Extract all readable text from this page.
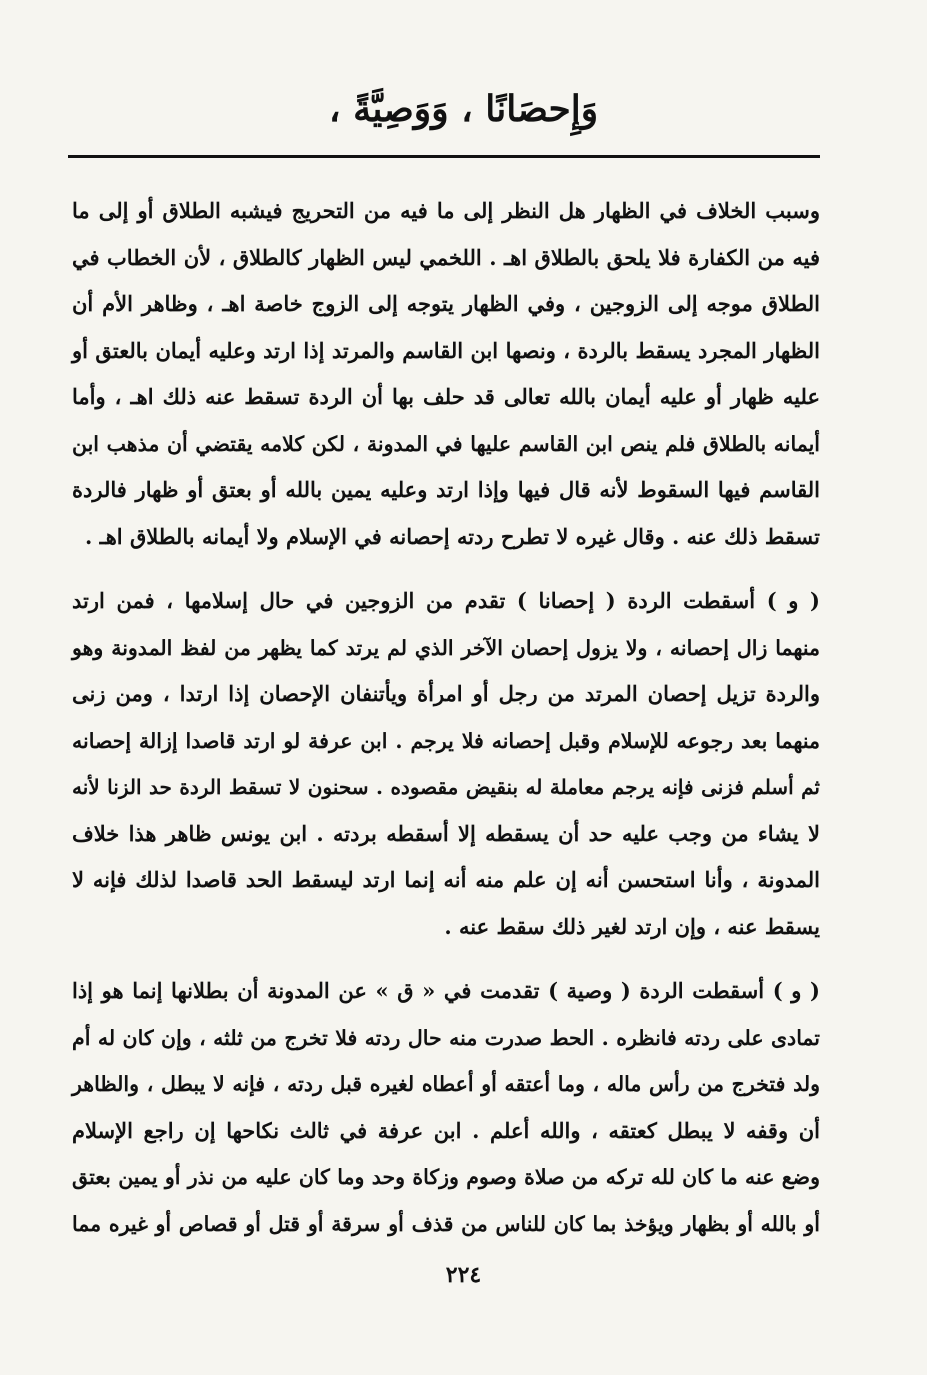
وَإِحصَانًا ، وَوَصِيَّةً ،

وسبب الخلاف في الظهار هل النظر إلى ما فيه من التحريج فيشبه الطلاق أو إلى ما
فيه من الكفارة فلا يلحق بالطلاق اهـ . اللخمي ليس الظهار كالطلاق ، لأن الخطاب في
الطلاق موجه إلى الزوجين ، وفي الظهار يتوجه إلى الزوج خاصة اهـ ، وظاهر الأم أن
الظهار المجرد يسقط بالردة ، ونصها ابن القاسم والمرتد إذا ارتد وعليه أيمان بالعتق أو
عليه ظهار أو عليه أيمان بالله تعالى قد حلف بها أن الردة تسقط عنه ذلك اهـ ، وأما
أيمانه بالطلاق فلم ينص ابن القاسم عليها في المدونة ، لكن كلامه يقتضي أن مذهب ابن
القاسم فيها السقوط لأنه قال فيها وإذا ارتد وعليه يمين بالله أو بعتق أو ظهار فالردة
تسقط ذلك عنه . وقال غيره لا تطرح ردته إحصانه في الإسلام ولا أيمانه بالطلاق اهـ .

( و ) أسقطت الردة ( إحصانا ) تقدم من الزوجين في حال إسلامها ، فمن ارتد
منهما زال إحصانه ، ولا يزول إحصان الآخر الذي لم يرتد كما يظهر من لفظ المدونة وهو
والردة تزيل إحصان المرتد من رجل أو امرأة ويأتنفان الإحصان إذا ارتدا ، ومن زنى
منهما بعد رجوعه للإسلام وقبل إحصانه فلا يرجم . ابن عرفة لو ارتد قاصدا إزالة إحصانه
ثم أسلم فزنى فإنه يرجم معاملة له بنقيض مقصوده . سحنون لا تسقط الردة حد الزنا لأنه
لا يشاء من وجب عليه حد أن يسقطه إلا أسقطه بردته . ابن يونس ظاهر هذا خلاف
المدونة ، وأنا استحسن أنه إن علم منه أنه إنما ارتد ليسقط الحد قاصدا لذلك فإنه لا
يسقط عنه ، وإن ارتد لغير ذلك سقط عنه .

( و ) أسقطت الردة ( وصية ) تقدمت في « ق » عن المدونة أن بطلانها إنما هو إذا
تمادى على ردته فانظره . الحط صدرت منه حال ردته فلا تخرج من ثلثه ، وإن كان له أم
ولد فتخرج من رأس ماله ، وما أعتقه أو أعطاه لغيره قبل ردته ، فإنه لا يبطل ، والظاهر
أن وقفه لا يبطل كعتقه ، والله أعلم . ابن عرفة في ثالث نكاحها إن راجع الإسلام
وضع عنه ما كان لله تركه من صلاة وصوم وزكاة وحد وما كان عليه من نذر أو يمين بعتق
أو بالله أو بظهار ويؤخذ بما كان للناس من قذف أو سرقة أو قتل أو قصاص أو غيره مما

٢٢٤
